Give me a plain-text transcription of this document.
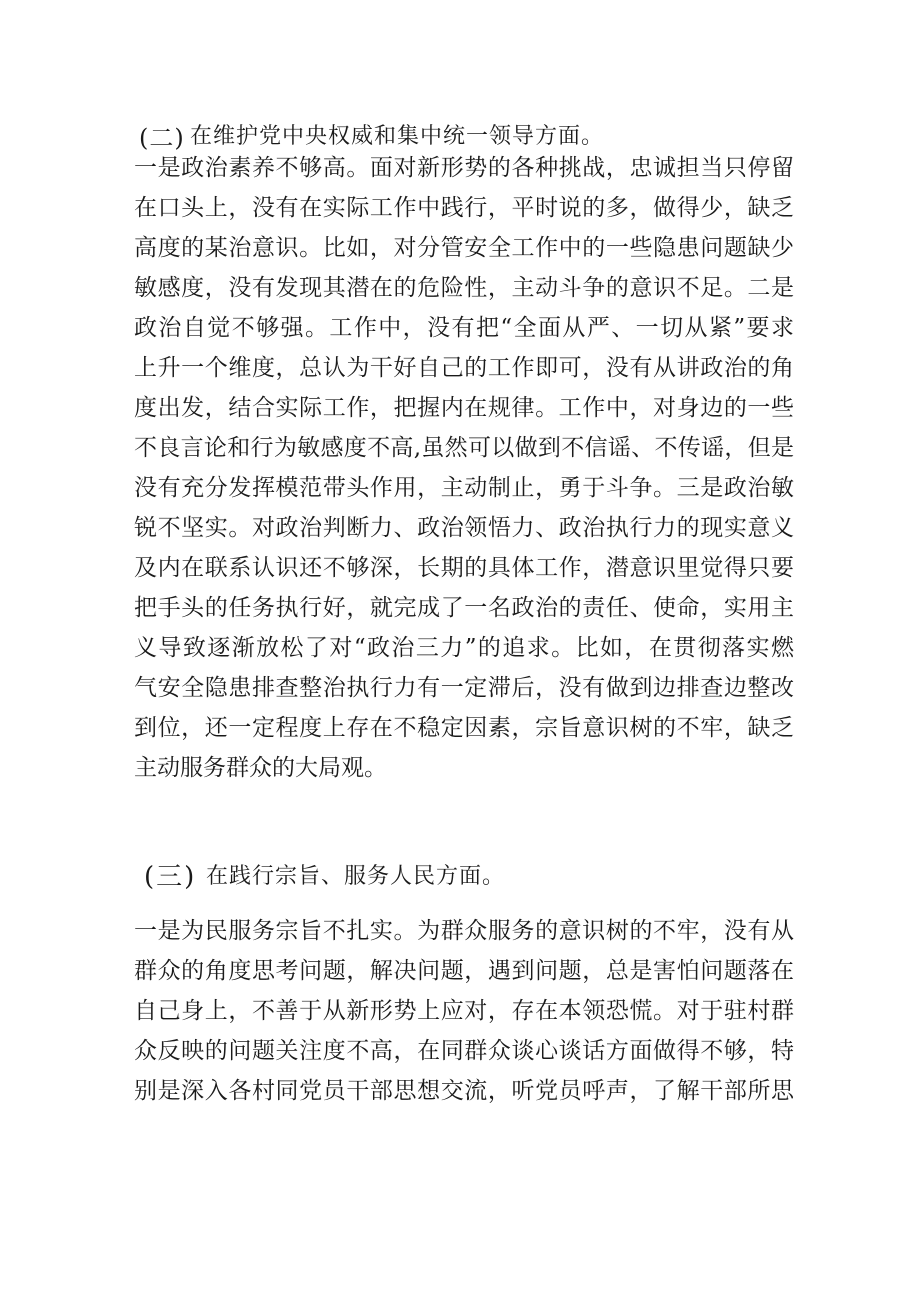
(二) 在维护党中央权威和集中统一领导方面。
一是政治素养不够高。面对新形势的各种挑战，忠诚担当只停留
在口头上，没有在实际工作中践行，平时说的多，做得少，缺乏
高度的某治意识。比如，对分管安全工作中的一些隐患问题缺少
敏感度，没有发现其潜在的危险性，主动斗争的意识不足。二是
政治自觉不够强。工作中，没有把“全面从严、一切从紧”要求
上升一个维度，总认为干好自己的工作即可，没有从讲政治的角
度出发，结合实际工作，把握内在规律。工作中，对身边的一些
不良言论和行为敏感度不高,虽然可以做到不信谣、不传谣，但是
没有充分发挥模范带头作用，主动制止，勇于斗争。三是政治敏
锐不坚实。对政治判断力、政治领悟力、政治执行力的现实意义
及内在联系认识还不够深，长期的具体工作，潜意识里觉得只要
把手头的任务执行好，就完成了一名政治的责任、使命，实用主
义导致逐渐放松了对“政治三力”的追求。比如，在贯彻落实燃
气安全隐患排查整治执行力有一定滞后，没有做到边排查边整改
到位，还一定程度上存在不稳定因素，宗旨意识树的不牢，缺乏
主动服务群众的大局观。
(三) 在践行宗旨、服务人民方面。
一是为民服务宗旨不扎实。为群众服务的意识树的不牢，没有从
群众的角度思考问题，解决问题，遇到问题，总是害怕问题落在
自己身上，不善于从新形势上应对，存在本领恐慌。对于驻村群
众反映的问题关注度不高，在同群众谈心谈话方面做得不够，特
别是深入各村同党员干部思想交流，听党员呼声，了解干部所思
